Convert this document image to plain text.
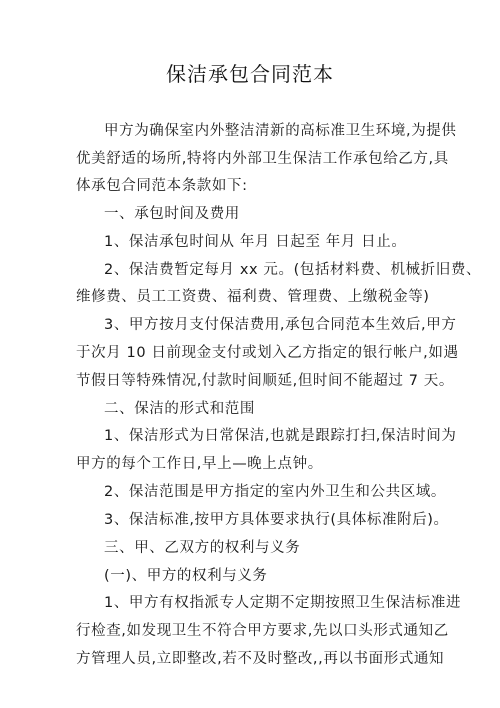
保洁承包合同范本
甲方为确保室内外整洁清新的高标准卫生环境,为提供
优美舒适的场所,特将内外部卫生保洁工作承包给乙方,具
体承包合同范本条款如下:
一、承包时间及费用
1、保洁承包时间从 年月 日起至 年月 日止。
2、保洁费暂定每月 xx 元。(包括材料费、机械折旧费、
维修费、员工工资费、福利费、管理费、上缴税金等)
3、甲方按月支付保洁费用,承包合同范本生效后,甲方
于次月 10 日前现金支付或划入乙方指定的银行帐户,如遇
节假日等特殊情况,付款时间顺延,但时间不能超过 7 天。
二、保洁的形式和范围
1、保洁形式为日常保洁,也就是跟踪打扫,保洁时间为
甲方的每个工作日,早上—晚上点钟。
2、保洁范围是甲方指定的室内外卫生和公共区域。
3、保洁标准,按甲方具体要求执行(具体标准附后)。
三、甲、乙双方的权利与义务
(一)、甲方的权利与义务
1、甲方有权指派专人定期不定期按照卫生保洁标准进
行检查,如发现卫生不符合甲方要求,先以口头形式通知乙
方管理人员,立即整改,若不及时整改,,再以书面形式通知
